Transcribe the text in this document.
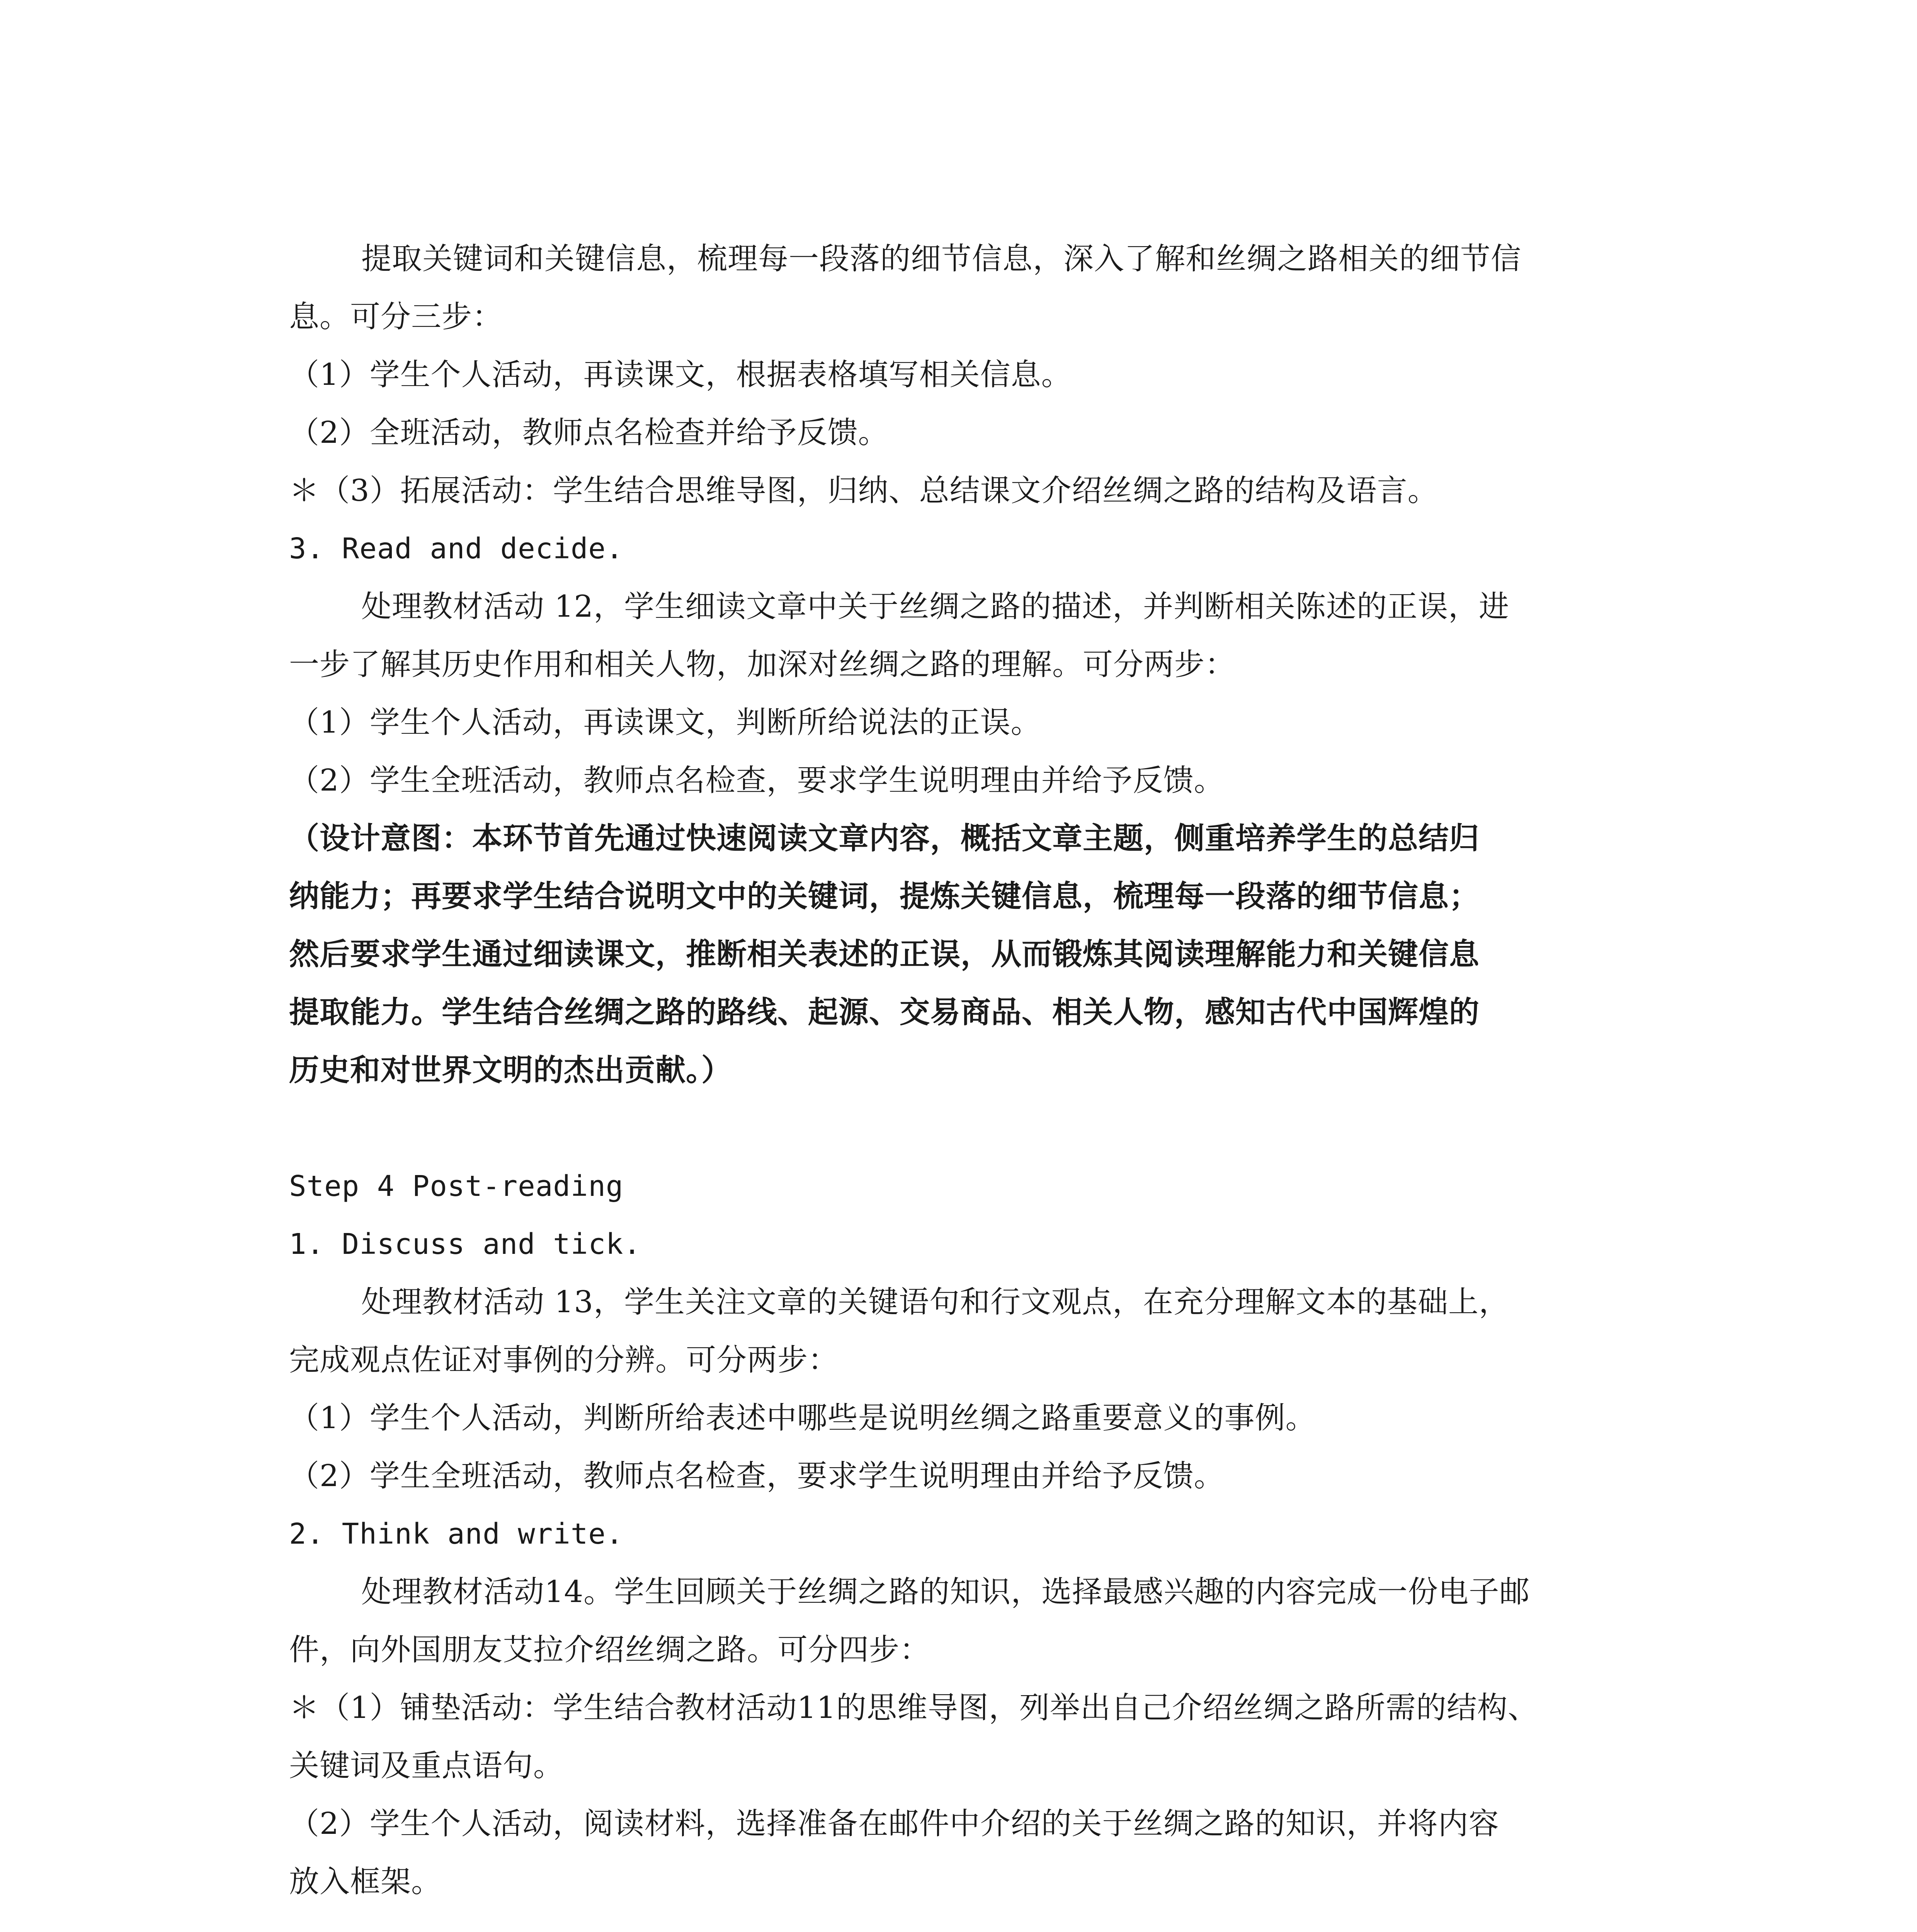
提取关键词和关键信息，梳理每一段落的细节信息，深入了解和丝绸之路相关的细节信
息。可分三步：
（1）学生个人活动，再读课文，根据表格填写相关信息。
（2）全班活动，教师点名检查并给予反馈。
＊（3）拓展活动：学生结合思维导图，归纳、总结课文介绍丝绸之路的结构及语言。
3. Read and decide.
处理教材活动 12，学生细读文章中关于丝绸之路的描述，并判断相关陈述的正误，进
一步了解其历史作用和相关人物，加深对丝绸之路的理解。可分两步：
（1）学生个人活动，再读课文，判断所给说法的正误。
（2）学生全班活动，教师点名检查，要求学生说明理由并给予反馈。
（设计意图：本环节首先通过快速阅读文章内容，概括文章主题，侧重培养学生的总结归
纳能力；再要求学生结合说明文中的关键词，提炼关键信息，梳理每一段落的细节信息；
然后要求学生通过细读课文，推断相关表述的正误，从而锻炼其阅读理解能力和关键信息
提取能力。学生结合丝绸之路的路线、起源、交易商品、相关人物，感知古代中国辉煌的
历史和对世界文明的杰出贡献。）
Step 4 Post-reading
1. Discuss and tick.
处理教材活动 13，学生关注文章的关键语句和行文观点，在充分理解文本的基础上，
完成观点佐证对事例的分辨。可分两步：
（1）学生个人活动，判断所给表述中哪些是说明丝绸之路重要意义的事例。
（2）学生全班活动，教师点名检查，要求学生说明理由并给予反馈。
2. Think and write.
处理教材活动14。学生回顾关于丝绸之路的知识，选择最感兴趣的内容完成一份电子邮
件，向外国朋友艾拉介绍丝绸之路。可分四步：
＊（1）铺垫活动：学生结合教材活动11的思维导图，列举出自己介绍丝绸之路所需的结构、
关键词及重点语句。
（2）学生个人活动，阅读材料，选择准备在邮件中介绍的关于丝绸之路的知识，并将内容
放入框架。
